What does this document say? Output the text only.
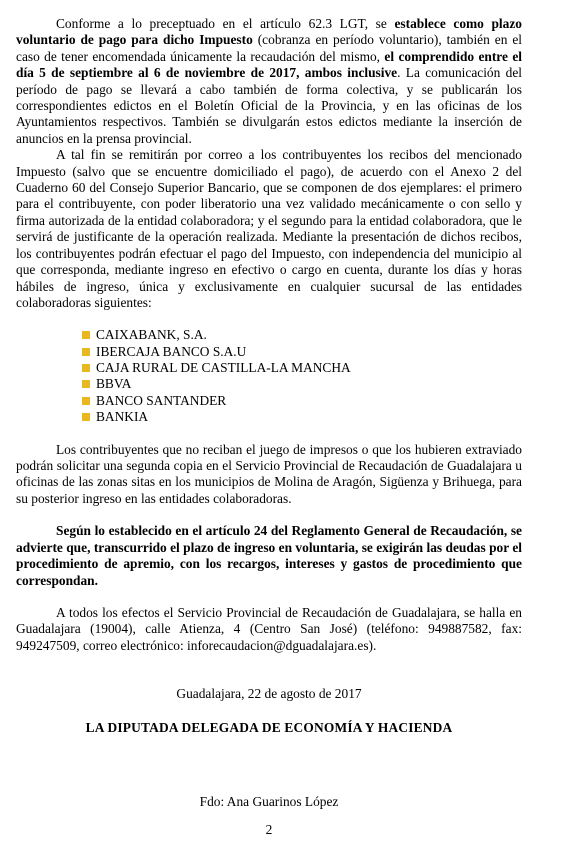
Conforme a lo preceptuado en el artículo 62.3 LGT, se establece como plazo voluntario de pago para dicho Impuesto (cobranza en período voluntario), también en el caso de tener encomendada únicamente la recaudación del mismo, el comprendido entre el día 5 de septiembre al 6 de noviembre de 2017, ambos inclusive. La comunicación del período de pago se llevará a cabo también de forma colectiva, y se publicarán los correspondientes edictos en el Boletín Oficial de la Provincia, y en las oficinas de los Ayuntamientos respectivos. También se divulgarán estos edictos mediante la inserción de anuncios en la prensa provincial.

A tal fin se remitirán por correo a los contribuyentes los recibos del mencionado Impuesto (salvo que se encuentre domiciliado el pago), de acuerdo con el Anexo 2 del Cuaderno 60 del Consejo Superior Bancario, que se componen de dos ejemplares: el primero para el contribuyente, con poder liberatorio una vez validado mecánicamente o con sello y firma autorizada de la entidad colaboradora; y el segundo para la entidad colaboradora, que le servirá de justificante de la operación realizada. Mediante la presentación de dichos recibos, los contribuyentes podrán efectuar el pago del Impuesto, con independencia del municipio al que corresponda, mediante ingreso en efectivo o cargo en cuenta, durante los días y horas hábiles de ingreso, única y exclusivamente en cualquier sucursal de las entidades colaboradoras siguientes:

CAIXABANK, S.A.
IBERCAJA BANCO S.A.U
CAJA RURAL DE CASTILLA-LA MANCHA
BBVA
BANCO SANTANDER
BANKIA

Los contribuyentes que no reciban el juego de impresos o que los hubieren extraviado podrán solicitar una segunda copia en el Servicio Provincial de Recaudación de Guadalajara u oficinas de las zonas sitas en los municipios de Molina de Aragón, Sigüenza y Brihuega, para su posterior ingreso en las entidades colaboradoras.

Según lo establecido en el artículo 24 del Reglamento General de Recaudación, se advierte que, transcurrido el plazo de ingreso en voluntaria, se exigirán las deudas por el procedimiento de apremio, con los recargos, intereses y gastos de procedimiento que correspondan.

A todos los efectos el Servicio Provincial de Recaudación de Guadalajara, se halla en Guadalajara (19004), calle Atienza, 4 (Centro San José) (teléfono: 949887582, fax: 949247509, correo electrónico: inforecaudacion@dguadalajara.es).

Guadalajara, 22 de agosto de 2017

LA DIPUTADA DELEGADA DE ECONOMÍA Y HACIENDA

Fdo: Ana Guarinos López

2
